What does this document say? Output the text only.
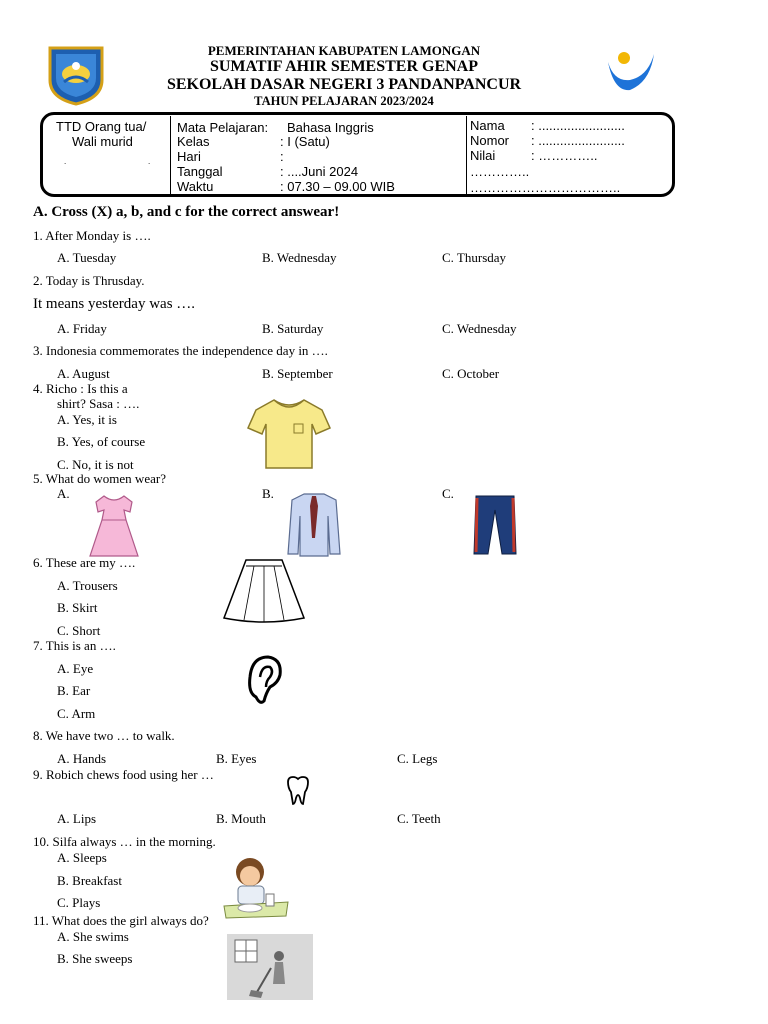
PEMERINTAHAN KABUPATEN LAMONGAN
SUMATIF AHIR SEMESTER GENAP
SEKOLAH DASAR NEGERI 3 PANDANPANCUR
TAHUN PELAJARAN 2023/2024
TTD Orang tua/
Wali murid
.	.
Mata Pelajaran: Bahasa Inggris
Kelas	: I (Satu)
Hari	:
Tanggal	: ....Juni 2024
Waktu	: 07.30 – 09.00 WIB
Nama : ........................
Nomor : ........................
Nilai	: …………..
…………..
……………………………..
A. Cross (X) a, b, and c for the correct answear!
1. After Monday is ….
A. Tuesday	B. Wednesday	C. Thursday
2. Today is Thrusday.
It means yesterday was ….
A. Friday	B. Saturday	C. Wednesday
3. Indonesia commemorates the independence day in ….
A. August	B. September	C. October
4. Richo : Is this a
shirt? Sasa : ….
A. Yes, it is
B. Yes, of course
C. No, it is not
5. What do women wear?
A.	B.	C.
6. These are my ….
A. Trousers
B. Skirt
C. Short
7. This is an ….
A. Eye
B. Ear
C. Arm
8. We have two … to walk.
A. Hands	B. Eyes	C. Legs
9. Robich chews food using her …
A. Lips	B. Mouth	C. Teeth
10. Silfa always … in the morning.
A. Sleeps
B. Breakfast
C. Plays
11. What does the girl always do?
A. She swims
B. She sweeps
